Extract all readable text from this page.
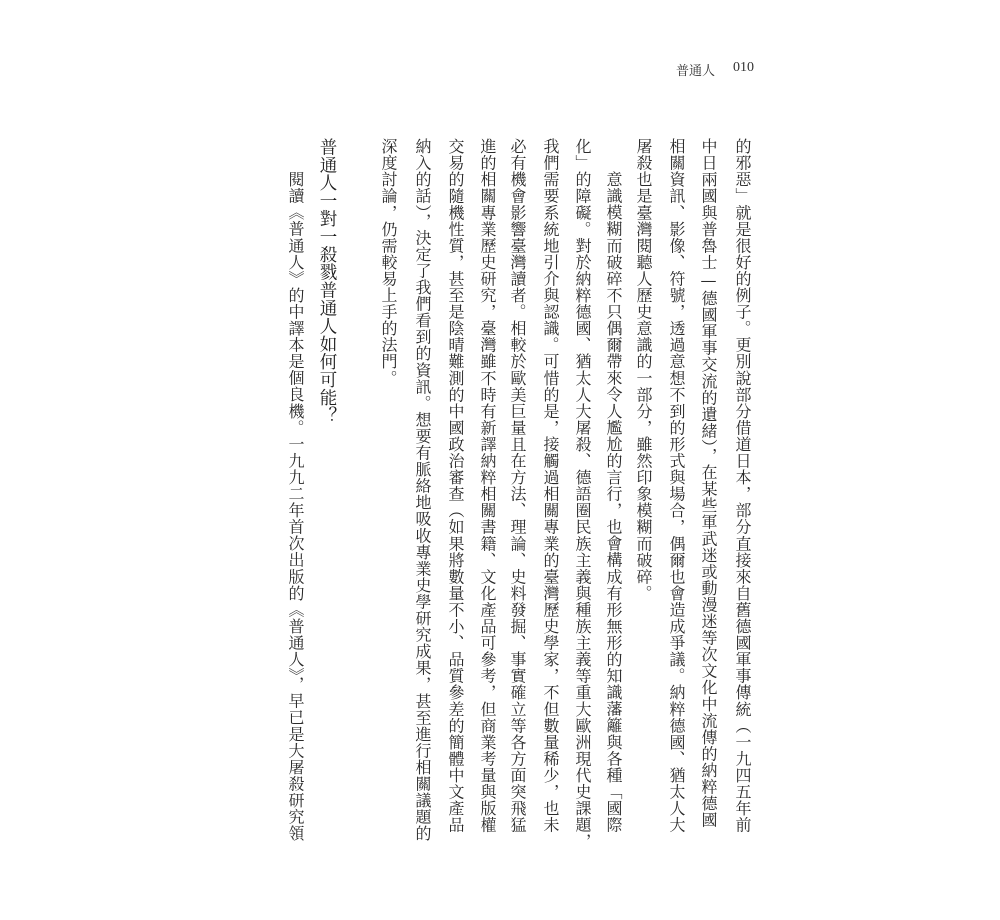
普通人 010
的邪惡」就是很好的例子。更別說部分借道日本，部分直接來自舊德國軍事傳統（一九四五年前
中日兩國與普魯士—德國軍事交流的遺緒），在某些軍武迷或動漫迷等次文化中流傳的納粹德國
相關資訊、影像、符號，透過意想不到的形式與場合，偶爾也會造成爭議。納粹德國、猶太人大
屠殺也是臺灣閱聽人歷史意識的一部分，雖然印象模糊而破碎。
意識模糊而破碎不只偶爾帶來令人尷尬的言行，也會構成有形無形的知識藩籬與各種「國際
化」的障礙。對於納粹德國、猶太人大屠殺、德語圈民族主義與種族主義等重大歐洲現代史課題，
我們需要系統地引介與認識。可惜的是，接觸過相關專業的臺灣歷史學家，不但數量稀少，也未
必有機會影響臺灣讀者。相較於歐美巨量且在方法、理論、史料發掘、事實確立等各方面突飛猛
進的相關專業歷史研究，臺灣雖不時有新譯納粹相關書籍、文化產品可參考，但商業考量與版權
交易的隨機性質，甚至是陰晴難測的中國政治審查（如果將數量不小、品質參差的簡體中文產品
納入的話），決定了我們看到的資訊。想要有脈絡地吸收專業史學研究成果，甚至進行相關議題的
深度討論，仍需較易上手的法門。
普通人一對一殺戮普通人如何可能？
閱讀《普通人》的中譯本是個良機。一九九二年首次出版的《普通人》，早已是大屠殺研究領
